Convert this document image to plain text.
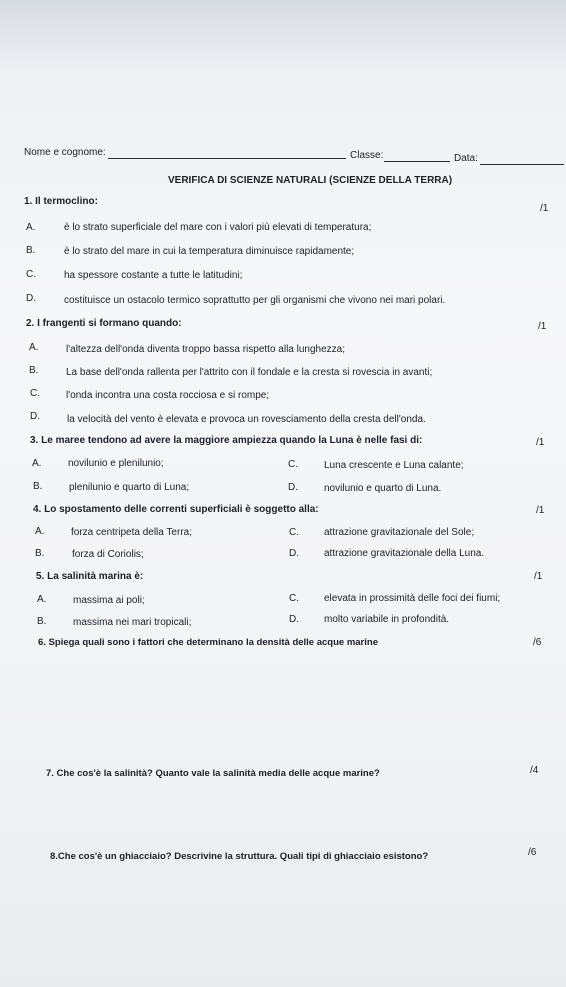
Nome e cognome:	Classe:	Data:
VERIFICA DI SCIENZE NATURALI (SCIENZE DELLA TERRA)
1. Il termoclino:
/1
A.	è lo strato superficiale del mare con i valori più elevati di temperatura;
B.	è lo strato del mare in cui la temperatura diminuisce rapidamente;
C.	ha spessore costante a tutte le latitudini;
D.	costituisce un ostacolo termico soprattutto per gli organismi che vivono nei mari polari.
2. I frangenti si formano quando:	/1
A.	l'altezza dell'onda diventa troppo bassa rispetto alla lunghezza;
B.	La base dell'onda rallenta per l'attrito con il fondale e la cresta si rovescia in avanti;
C.	l'onda incontra una costa rocciosa e si rompe;
D.	la velocità del vento è elevata e provoca un rovesciamento della cresta dell'onda.
3. Le maree tendono ad avere la maggiore ampiezza quando la Luna è nelle fasi di:	/1
A.	novilunio e plenilunio;	C.	Luna crescente e Luna calante;
B.	plenilunio e quarto di Luna;	D.	novilunio e quarto di Luna.
4. Lo spostamento delle correnti superficiali è soggetto alla:	/1
A.	forza centripeta della Terra;	C.	attrazione gravitazionale del Sole;
B.	forza di Coriolis;	D.	attrazione gravitazionale della Luna.
5. La salinità marina è:	/1
A.	massima ai poli;	C.	elevata in prossimità delle foci dei fiumi;
B.	massima nei mari tropicali;	D.	molto variabile in profondità.
6. Spiega quali sono i fattori che determinano la densità delle acque marine	/6
7. Che cos'è la salinità? Quanto vale la salinità media delle acque marine?	/4
8.Che cos'è un ghiacciaio? Descrivine la struttura. Quali tipi di ghiacciaio esistono?	/6
